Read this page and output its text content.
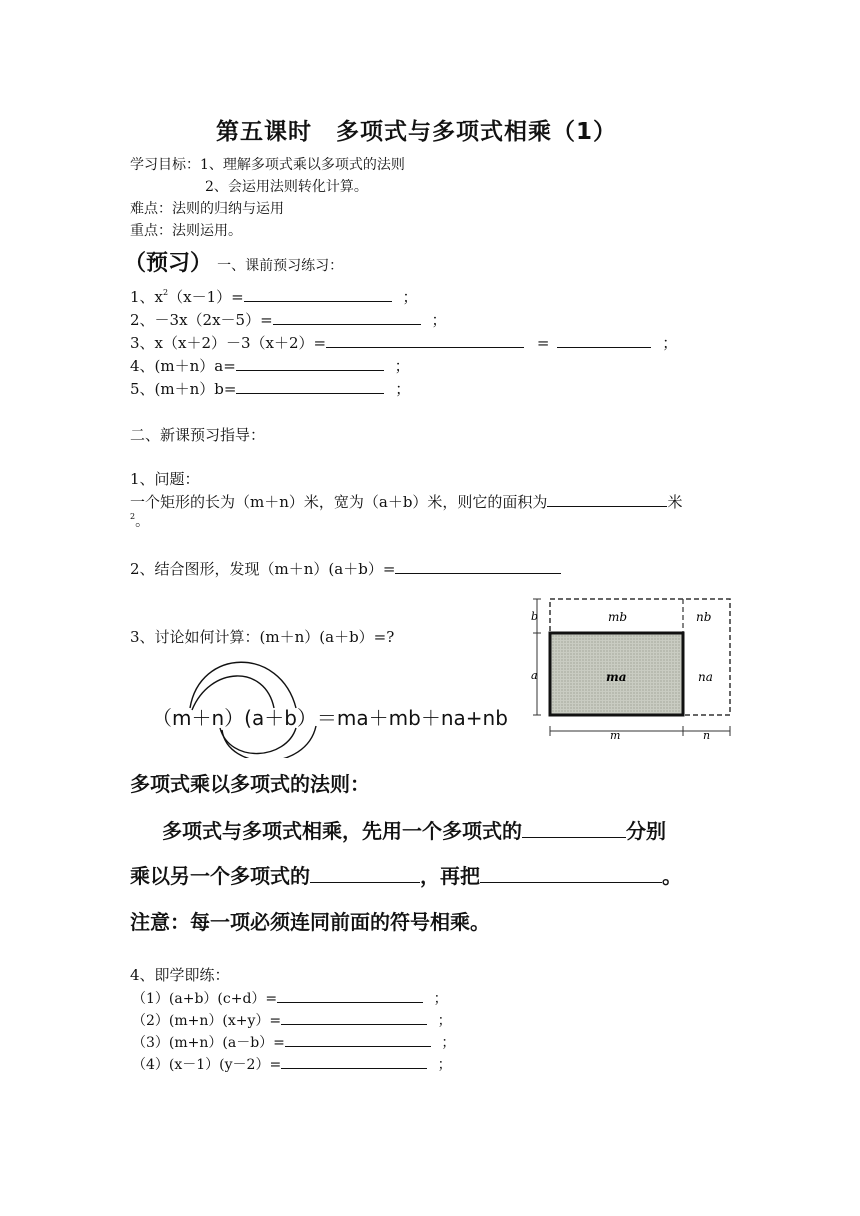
第五课时　多项式与多项式相乘（1）
学习目标：1、理解多项式乘以多项式的法则
2、会运用法则转化计算。
难点：法则的归纳与运用
重点：法则运用。
（预习） 一、课前预习练习：
1、$x^2(x-1)=$	；
2、－3x（2x－5）=	；
3、x（x＋2）－3（x＋2）=	=	；
4、(m＋n）a=	；
5、(m＋n）b=	；
二、新课预习指导：
1、问题：
一个矩形的长为（m＋n）米，宽为（a＋b）米，则它的面积为	米
$^2$。
2、结合图形，发现（m＋n）(a＋b）=
3、讨论如何计算：(m＋n）(a＋b）=?
（m＋n）(a＋b）＝ma＋mb＋na+nb
mb	nb
ma	na
b
a
m	n
多项式乘以多项式的法则：
多项式与多项式相乘，先用一个多项式的	分别
乘以另一个多项式的	，再把	。
注意：每一项必须连同前面的符号相乘。
4、即学即练：
（1）(a+b）(c+d）=	；
（2）(m+n）(x+y）=	；
（3）(m+n）(a－b）=	；
（4）(x－1）(y－2）=	；
